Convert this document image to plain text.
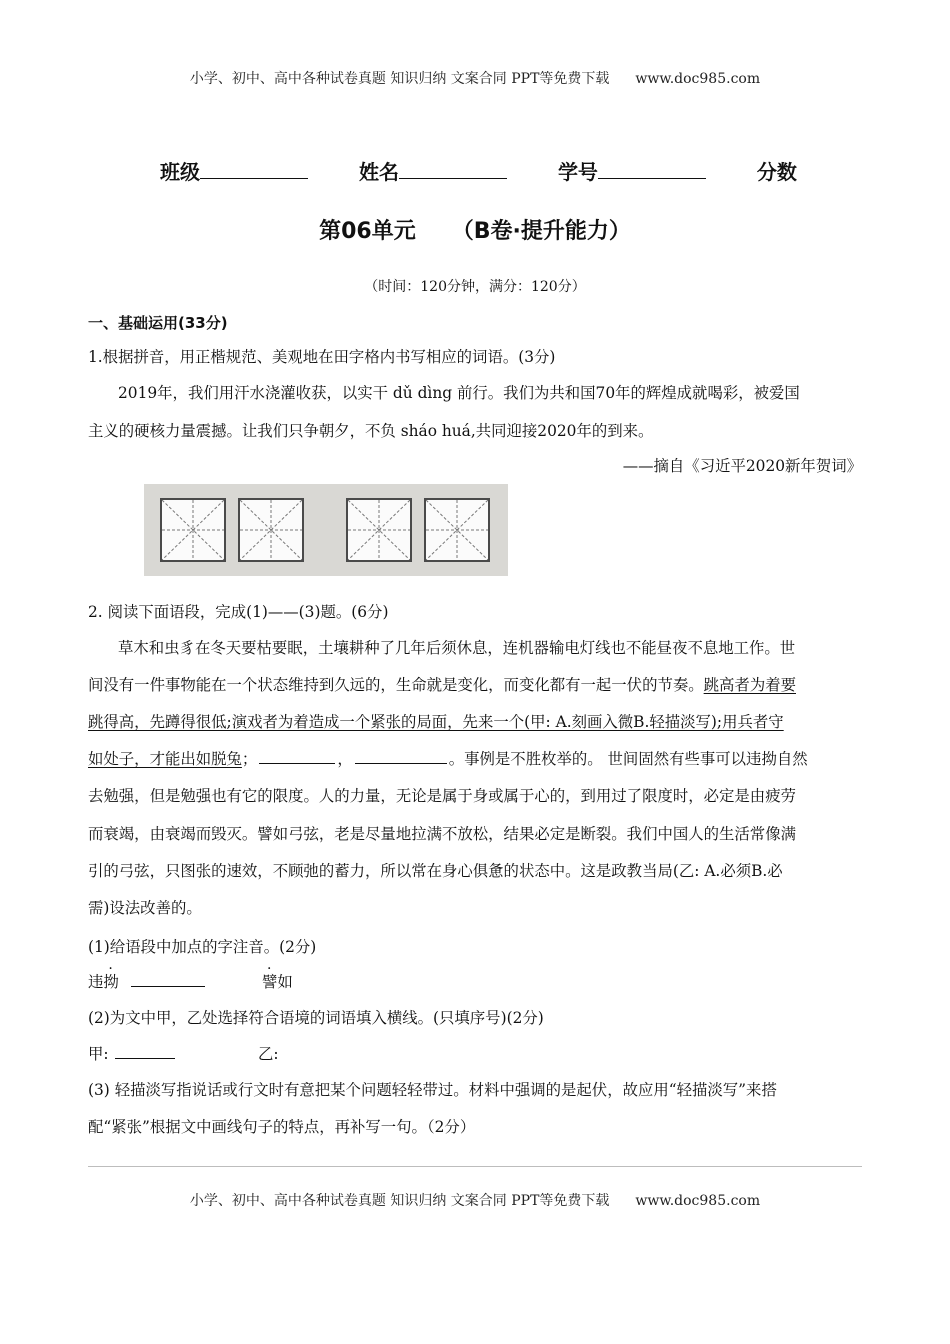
小学、初中、高中各种试卷真题 知识归纳 文案合同 PPT等免费下载 www.doc985.com
班级	姓名	学号	分数
第06单元 （B卷·提升能力）
（时间：120分钟，满分：120分）
一、基础运用(33分)
1.根据拼音，用正楷规范、美观地在田字格内书写相应的词语。(3分)
2019年，我们用汗水浇灌收获，以实干 dǔ dìng 前行。我们为共和国70年的辉煌成就喝彩，被爱国
主义的硬核力量震撼。让我们只争朝夕，不负 sháo huá,共同迎接2020年的到来。
——摘自《习近平2020新年贺词》
2. 阅读下面语段，完成(1)——(3)题。(6分)
草木和虫豸在冬天要枯要眠，土壤耕种了几年后须休息，连机器输电灯线也不能昼夜不息地工作。世
间没有一件事物能在一个状态维持到久远的，生命就是变化，而变化都有一起一伏的节奏。跳高者为着要
跳得高，先蹲得很低;演戏者为着造成一个紧张的局面，先来一个(甲: A.刻画入微B.轻描淡写);用兵者守
如处子，才能出如脱兔；	，	。事例是不胜枚举的。 世间固然有些事可以违拗自然
去勉强，但是勉强也有它的限度。人的力量，无论是属于身或属于心的，到用过了限度时，必定是由疲劳
而衰竭，由衰竭而毁灭。譬如弓弦，老是尽量地拉满不放松，结果必定是断裂。我们中国人的生活常像满
引的弓弦，只图张的速效，不顾弛的蓄力，所以常在身心俱惫的状态中。这是政教当局(乙: A.必须B.必
需)设法改善的。
(1)给语段中加点的字注音。(2分)
违拗	譬如
(2)为文中甲，乙处选择符合语境的词语填入横线。(只填序号)(2分)
甲:	乙:
(3) 轻描淡写指说话或行文时有意把某个问题轻轻带过。材料中强调的是起伏，故应用“轻描淡写”来搭
配“紧张”根据文中画线句子的特点，再补写一句。（2分）
小学、初中、高中各种试卷真题 知识归纳 文案合同 PPT等免费下载 www.doc985.com
